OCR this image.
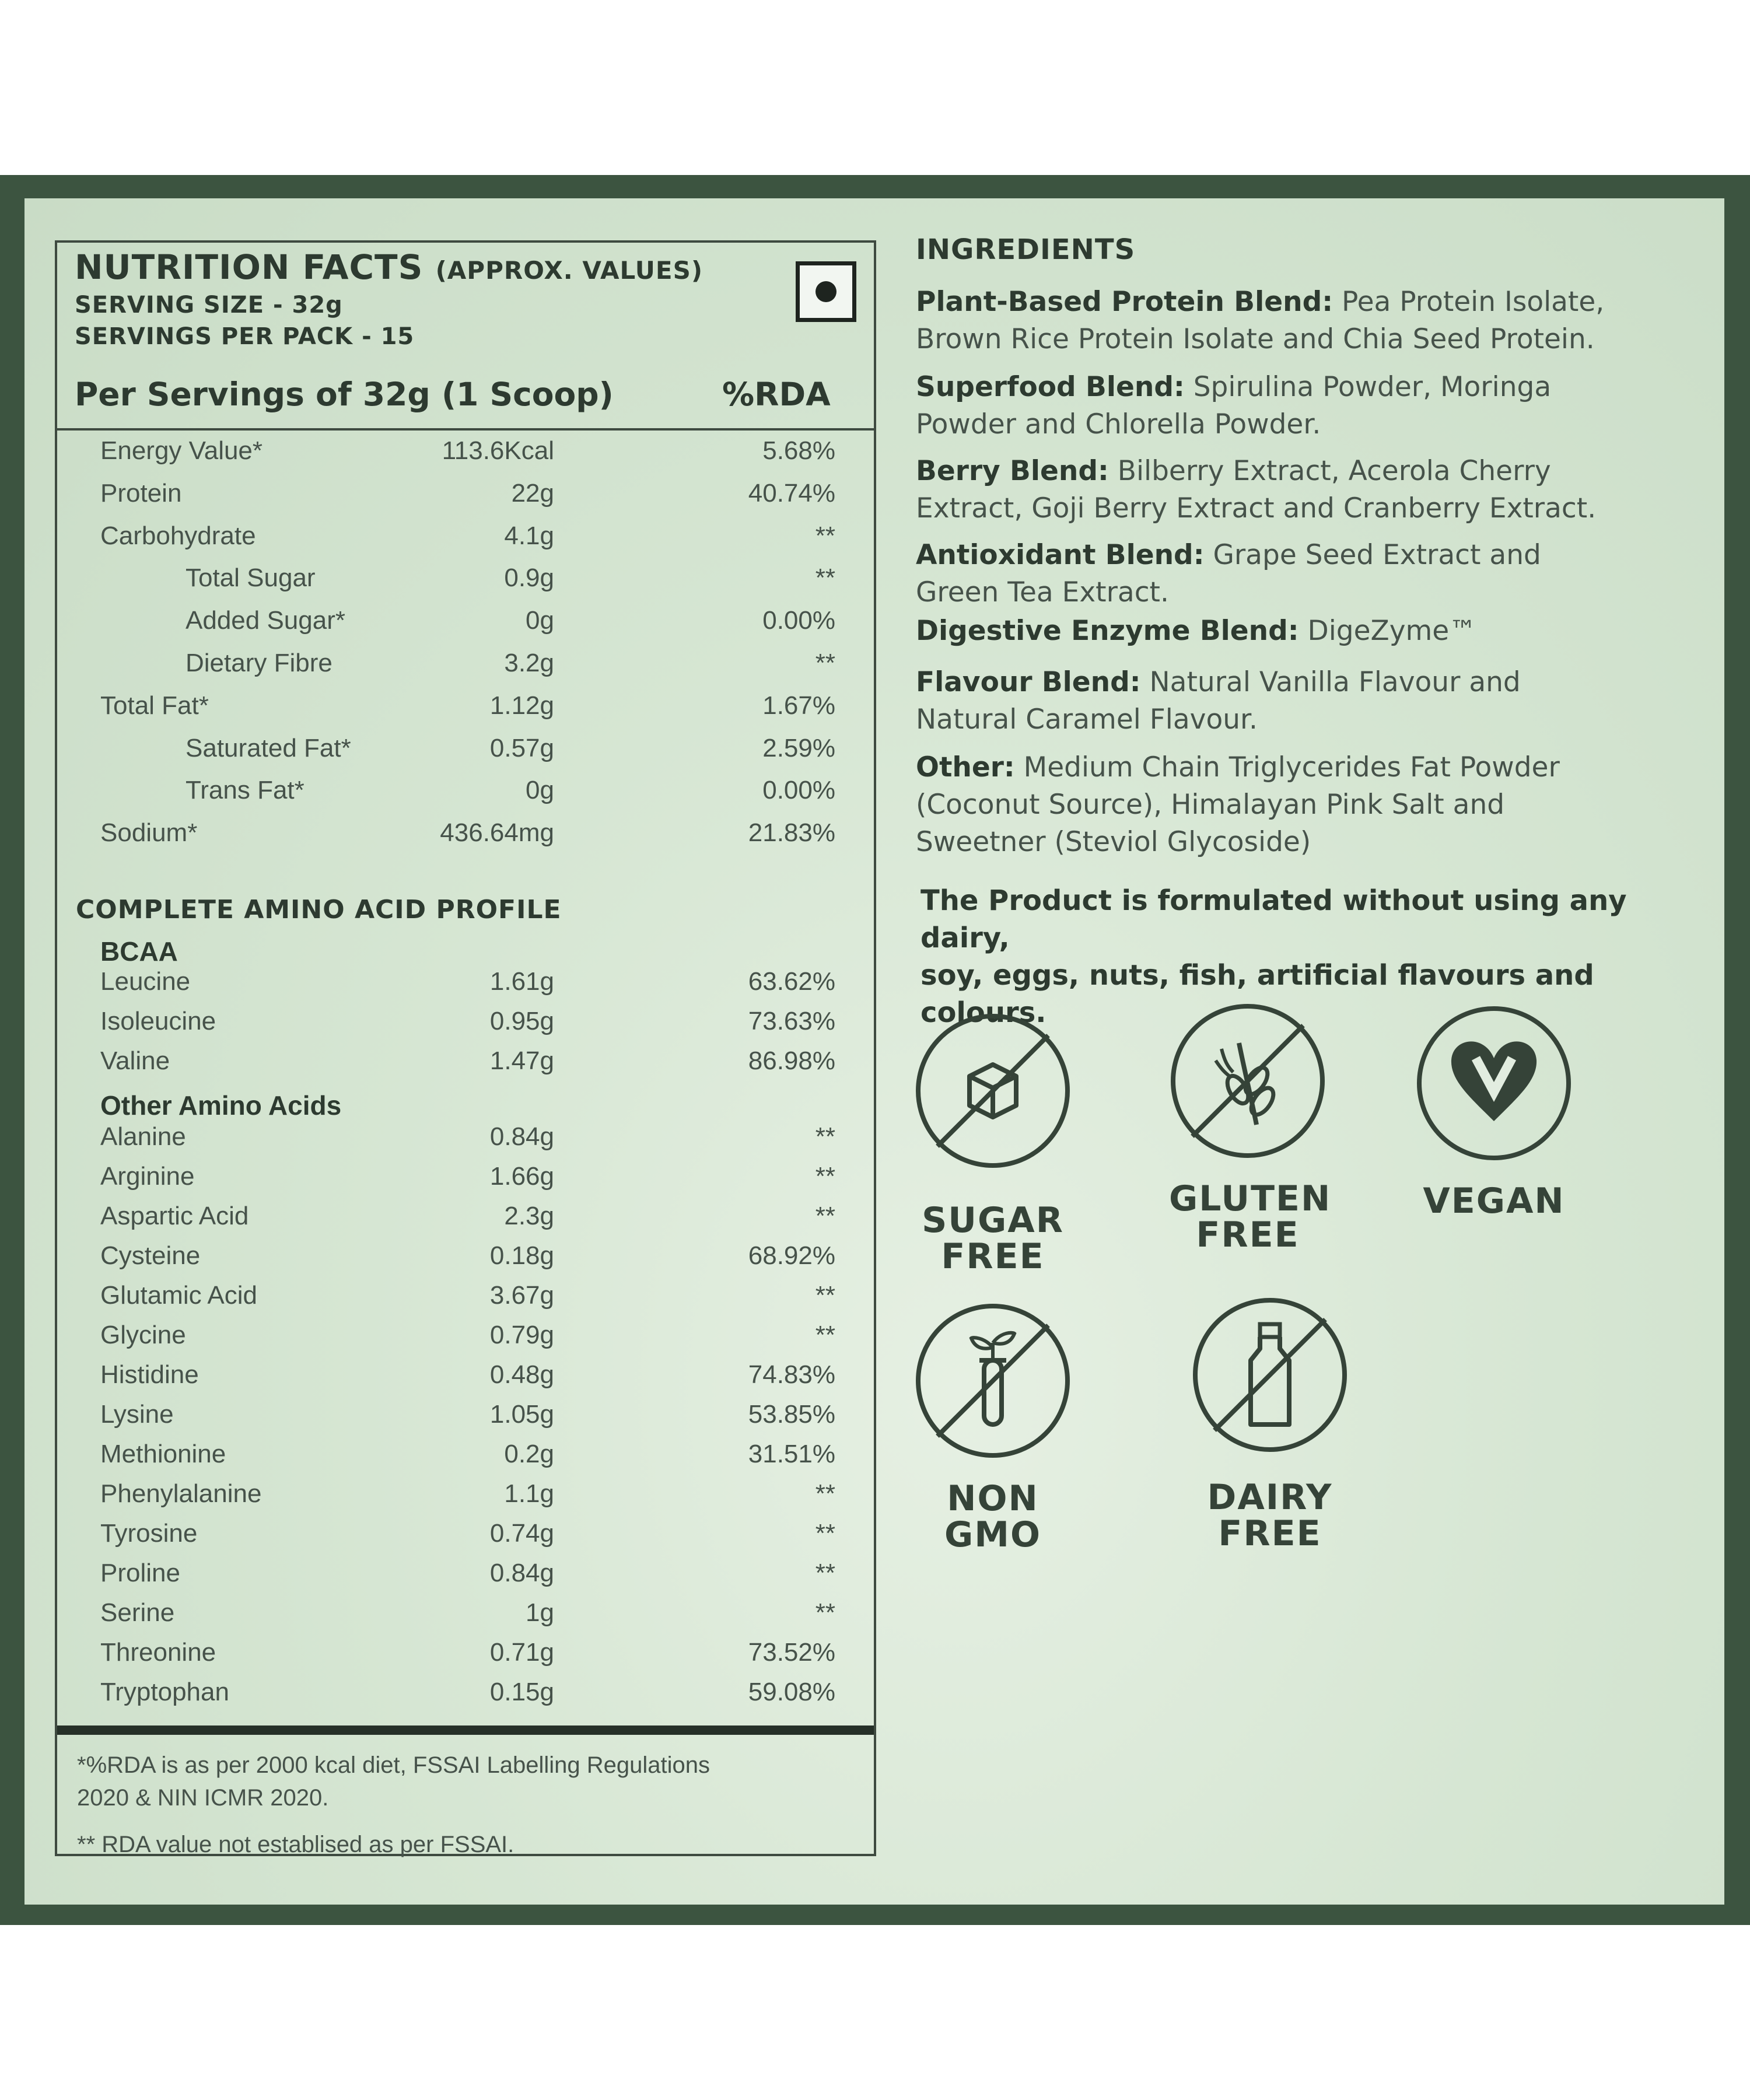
NUTRITION FACTS (APPROX. VALUES)
SERVING SIZE - 32g
SERVINGS PER PACK - 15
Per Servings of 32g (1 Scoop)	%RDA
Energy Value*	113.6Kcal	5.68%
Protein	22g	40.74%
Carbohydrate	4.1g	**
Total Sugar	0.9g	**
Added Sugar*	0g	0.00%
Dietary Fibre	3.2g	**
Total Fat*	1.12g	1.67%
Saturated Fat*	0.57g	2.59%
Trans Fat*	0g	0.00%
Sodium*	436.64mg	21.83%
COMPLETE AMINO ACID PROFILE
BCAA
Leucine	1.61g	63.62%
Isoleucine	0.95g	73.63%
Valine	1.47g	86.98%
Other Amino Acids
Alanine	0.84g	**
Arginine	1.66g	**
Aspartic Acid	2.3g	**
Cysteine	0.18g	68.92%
Glutamic Acid	3.67g	**
Glycine	0.79g	**
Histidine	0.48g	74.83%
Lysine	1.05g	53.85%
Methionine	0.2g	31.51%
Phenylalanine	1.1g	**
Tyrosine	0.74g	**
Proline	0.84g	**
Serine	1g	**
Threonine	0.71g	73.52%
Tryptophan	0.15g	59.08%
*%RDA is as per 2000 kcal diet, FSSAI Labelling Regulations
2020 & NIN ICMR 2020.
** RDA value not establised as per FSSAI.
INGREDIENTS
Plant-Based Protein Blend: Pea Protein Isolate,
Brown Rice Protein Isolate and Chia Seed Protein.
Superfood Blend: Spirulina Powder, Moringa
Powder and Chlorella Powder.
Berry Blend: Bilberry Extract, Acerola Cherry
Extract, Goji Berry Extract and Cranberry Extract.
Antioxidant Blend: Grape Seed Extract and
Green Tea Extract.
Digestive Enzyme Blend: DigeZyme™
Flavour Blend: Natural Vanilla Flavour and
Natural Caramel Flavour.
Other: Medium Chain Triglycerides Fat Powder
(Coconut Source), Himalayan Pink Salt and
Sweetner (Steviol Glycoside)
The Product is formulated without using any dairy,
soy, eggs, nuts, fish, artificial flavours and colours.
SUGAR
FREE
GLUTEN
FREE
VEGAN
NON
GMO
DAIRY
FREE
